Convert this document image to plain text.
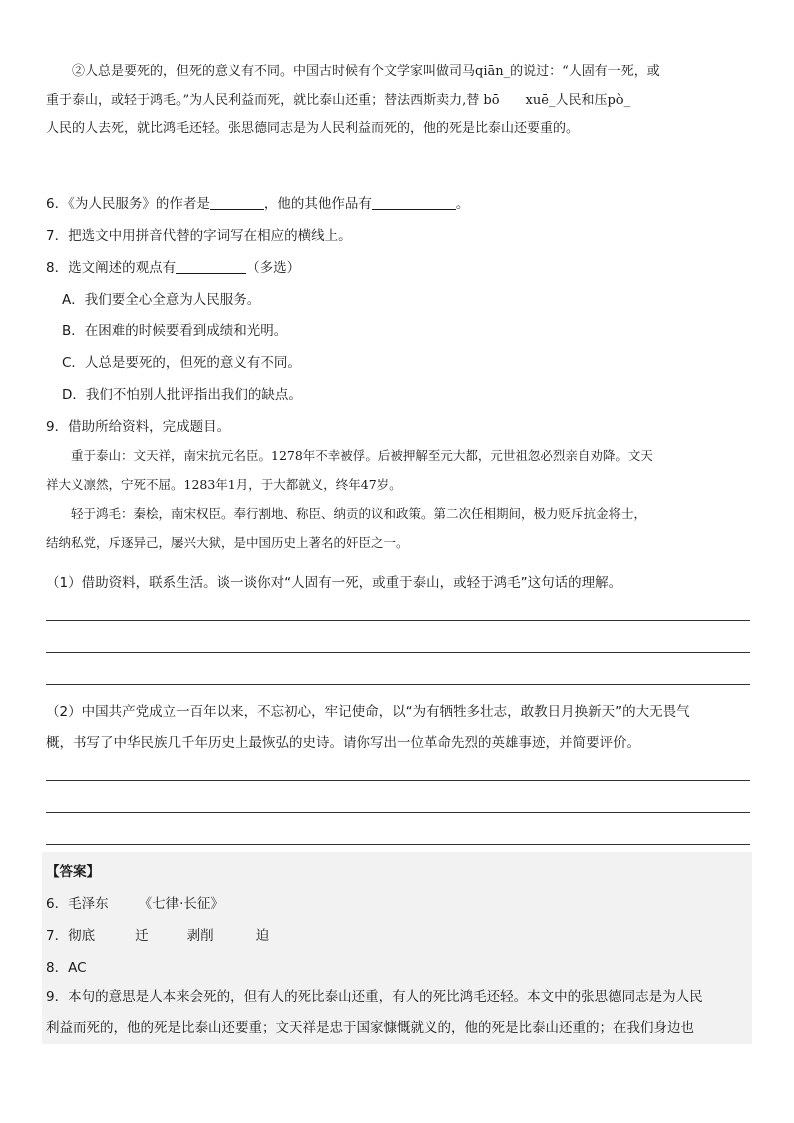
②人总是要死的，但死的意义有不同。中国古时候有个文学家叫做司马qiān_的说过：“人固有一死，或

重于泰山，或轻于鸿毛。”为人民利益而死，就比泰山还重；替法西斯卖力,替 bō　　xuē_人民和压pò_

人民的人去死，就比鸿毛还轻。张思德同志是为人民利益而死的，他的死是比泰山还要重的。

6．《为人民服务》的作者是	，他的其他作品有	。
7．把选文中用拼音代替的字词写在相应的横线上。
8．选文阐述的观点有	（多选）
A．我们要全心全意为人民服务。
B．在困难的时候要看到成绩和光明。
C．人总是要死的，但死的意义有不同。
D．我们不怕别人批评指出我们的缺点。
9．借助所给资料，完成题目。

重于泰山：文天祥，南宋抗元名臣。1278年不幸被俘。后被押解至元大都，元世祖忽必烈亲自劝降。文天

祥大义凛然，宁死不屈。1283年1月，于大都就义，终年47岁。

轻于鸿毛：秦桧，南宋权臣。奉行割地、称臣、纳贡的议和政策。第二次任相期间，极力贬斥抗金将士，

结纳私党，斥逐异己，屡兴大狱，是中国历史上著名的奸臣之一。

（1）借助资料，联系生活。谈一谈你对“人固有一死，或重于泰山，或轻于鸿毛”这句话的理解。
（2）中国共产党成立一百年以来，不忘初心，牢记使命，以“为有牺牲多壮志，敢教日月换新天”的大无畏气
概，书写了中华民族几千年历史上最恢弘的史诗。请你写出一位革命先烈的英雄事迹，并简要评价。
【答案】
6．毛泽东 《七律·长征》
7．彻底	迁	剥削	迫
8．AC
9．本句的意思是人本来会死的，但有人的死比泰山还重，有人的死比鸿毛还轻。本文中的张思德同志是为人民
利益而死的，他的死是比泰山还要重；文天祥是忠于国家慷慨就义的，他的死是比泰山还重的；在我们身边也
